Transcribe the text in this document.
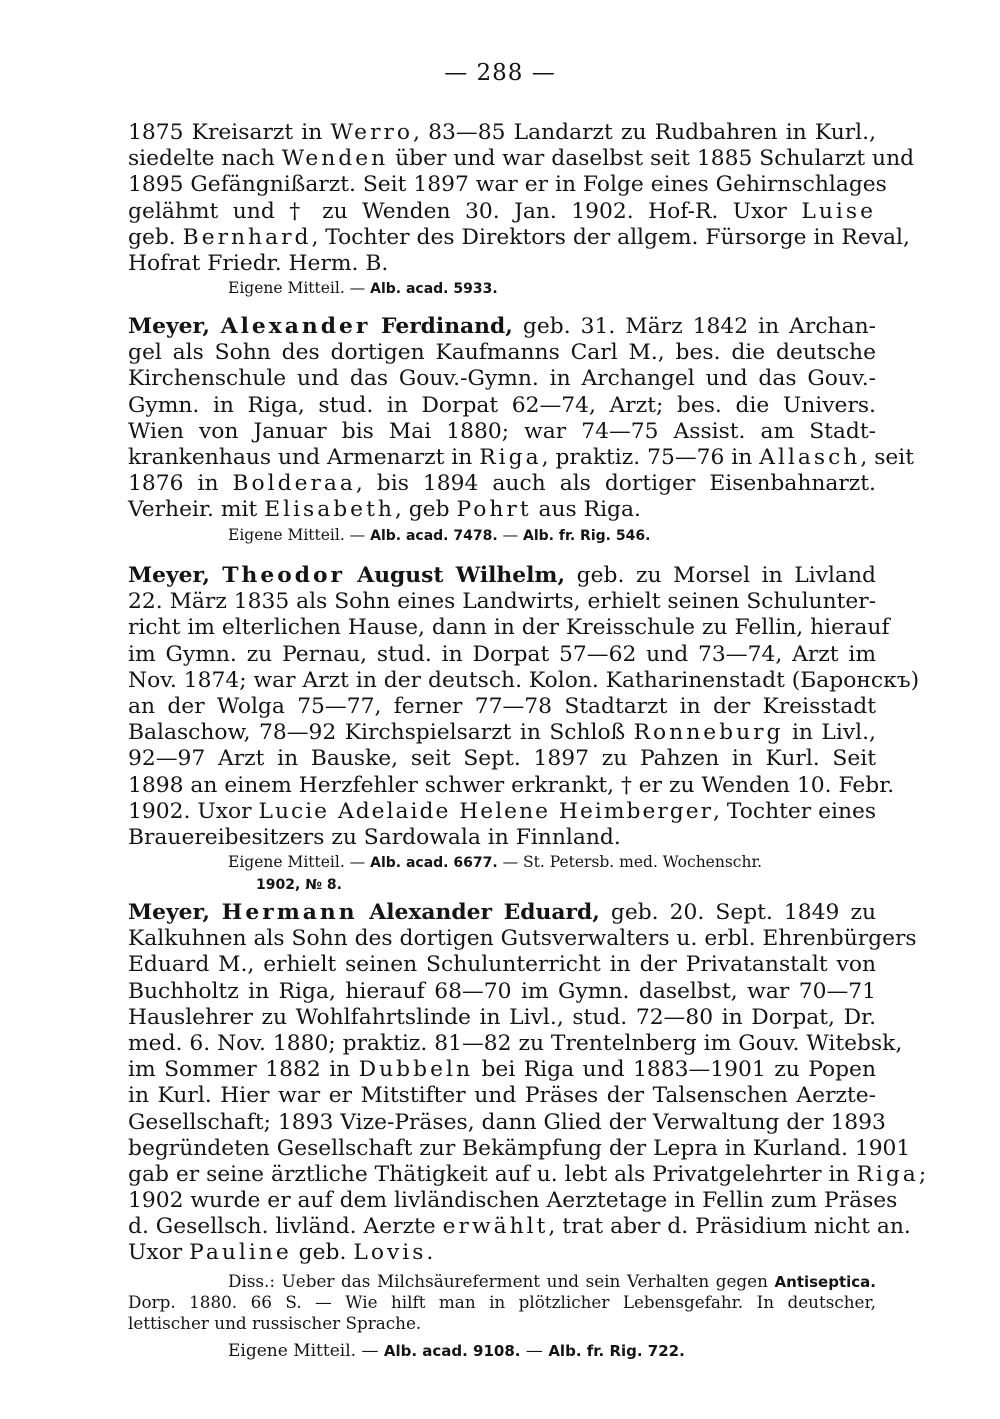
— 288 —
1875 Kreisarzt in Werro, 83—85 Landarzt zu Rudbahren in Kurl.,
siedelte nach Wenden über und war daselbst seit 1885 Schularzt und
1895 Gefängnißarzt. Seit 1897 war er in Folge eines Gehirnschlages
gelähmt und † zu Wenden 30. Jan. 1902. Hof-R. Uxor Luise
geb. Bernhard, Tochter des Direktors der allgem. Fürsorge in Reval,
Hofrat Friedr. Herm. B.
Eigene Mitteil. — Alb. acad. 5933.
Meyer, Alexander Ferdinand, geb. 31. März 1842 in Archan-
gel als Sohn des dortigen Kaufmanns Carl M., bes. die deutsche
Kirchenschule und das Gouv.-Gymn. in Archangel und das Gouv.-
Gymn. in Riga, stud. in Dorpat 62—74, Arzt; bes. die Univers.
Wien von Januar bis Mai 1880; war 74—75 Assist. am Stadt-
krankenhaus und Armenarzt in Riga, praktiz. 75—76 in Allasch, seit
1876 in Bolderaa, bis 1894 auch als dortiger Eisenbahnarzt.
Verheir. mit Elisabeth, geb Pohrt aus Riga.
Eigene Mitteil. — Alb. acad. 7478. — Alb. fr. Rig. 546.
Meyer, Theodor August Wilhelm, geb. zu Morsel in Livland
22. März 1835 als Sohn eines Landwirts, erhielt seinen Schulunter-
richt im elterlichen Hause, dann in der Kreisschule zu Fellin, hierauf
im Gymn. zu Pernau, stud. in Dorpat 57—62 und 73—74, Arzt im
Nov. 1874; war Arzt in der deutsch. Kolon. Katharinenstadt (Баронскъ)
an der Wolga 75—77, ferner 77—78 Stadtarzt in der Kreisstadt
Balaschow, 78—92 Kirchspielsarzt in Schloß Ronneburg in Livl.,
92—97 Arzt in Bauske, seit Sept. 1897 zu Pahzen in Kurl. Seit
1898 an einem Herzfehler schwer erkrankt, † er zu Wenden 10. Febr.
1902. Uxor Lucie Adelaide Helene Heimberger, Tochter eines
Brauereibesitzers zu Sardowala in Finnland.
Eigene Mitteil. — Alb. acad. 6677. — St. Petersb. med. Wochenschr.
1902, № 8.
Meyer, Hermann Alexander Eduard, geb. 20. Sept. 1849 zu
Kalkuhnen als Sohn des dortigen Gutsverwalters u. erbl. Ehrenbürgers
Eduard M., erhielt seinen Schulunterricht in der Privatanstalt von
Buchholtz in Riga, hierauf 68—70 im Gymn. daselbst, war 70—71
Hauslehrer zu Wohlfahrtslinde in Livl., stud. 72—80 in Dorpat, Dr.
med. 6. Nov. 1880; praktiz. 81—82 zu Trentelnberg im Gouv. Witebsk,
im Sommer 1882 in Dubbeln bei Riga und 1883—1901 zu Popen
in Kurl. Hier war er Mitstifter und Präses der Talsenschen Aerzte-
Gesellschaft; 1893 Vize-Präses, dann Glied der Verwaltung der 1893
begründeten Gesellschaft zur Bekämpfung der Lepra in Kurland. 1901
gab er seine ärztliche Thätigkeit auf u. lebt als Privatgelehrter in Riga;
1902 wurde er auf dem livländischen Aerztetage in Fellin zum Präses
d. Gesellsch. livländ. Aerzte erwählt, trat aber d. Präsidium nicht an.
Uxor Pauline geb. Lovis.
Diss.: Ueber das Milchsäureferment und sein Verhalten gegen Antiseptica.
Dorp. 1880. 66 S. — Wie hilft man in plötzlicher Lebensgefahr. In deutscher,
lettischer und russischer Sprache.
Eigene Mitteil. — Alb. acad. 9108. — Alb. fr. Rig. 722.
